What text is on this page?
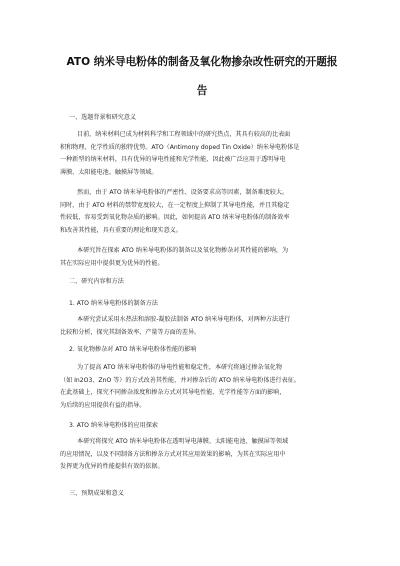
ATO 纳米导电粉体的制备及氧化物掺杂改性研究的开题报
告
一、选题背景和研究意义
目前，纳米材料已成为材料科学和工程领域中的研究热点，其具有较高的比表面
积和物理、化学性质的独特优势。ATO（Antimony doped Tin Oxide）纳米导电粉体是
一种新型的纳米材料，具有优异的导电性能和光学性能，因此被广泛应用于透明导电
薄膜、太阳能电池、触摸屏等领域。
然而，由于 ATO 纳米导电粉体的严密性、设备要求高等因素，制备难度较大。
同时，由于 ATO 材料的禁带宽度较大，在一定程度上抑制了其导电性能，并且其稳定
性较低，容易受到氧化物杂质的影响。因此，如何提高 ATO 纳米导电粉体的制备效率
和改善其性能，具有重要的理论和现实意义。
本研究旨在探索 ATO 纳米导电粉体的制备以及氧化物掺杂对其性能的影响，为
其在实际应用中提供更为优异的性能。
二、研究内容和方法
1. ATO 纳米导电粉体的制备方法
本研究尝试采用水热法和溶胶-凝胶法制备 ATO 纳米导电粉体，对两种方法进行
比较和分析，探究其制备效率、产量等方面的差异。
2. 氧化物掺杂对 ATO 纳米导电粉体性能的影响
为了提高 ATO 纳米导电粉体的导电性能和稳定性，本研究将通过掺杂氧化物
（如 In2O3、ZnO 等）的方式改善其性能，并对掺杂后的 ATO 纳米导电粉体进行表征。
在此基础上，探究不同掺杂浓度和掺杂方式对其导电性能、光学性能等方面的影响，
为后续的应用提供有益的指导。
3. ATO 纳米导电粉体的应用探索
本研究将探究 ATO 纳米导电粉体在透明导电薄膜、太阳能电池、触摸屏等领域
的应用情况，以及不同制备方法和掺杂方式对其应用效果的影响，为其在实际应用中
发挥更为优异的性能提供有效的依据。
三、预期成果和意义
